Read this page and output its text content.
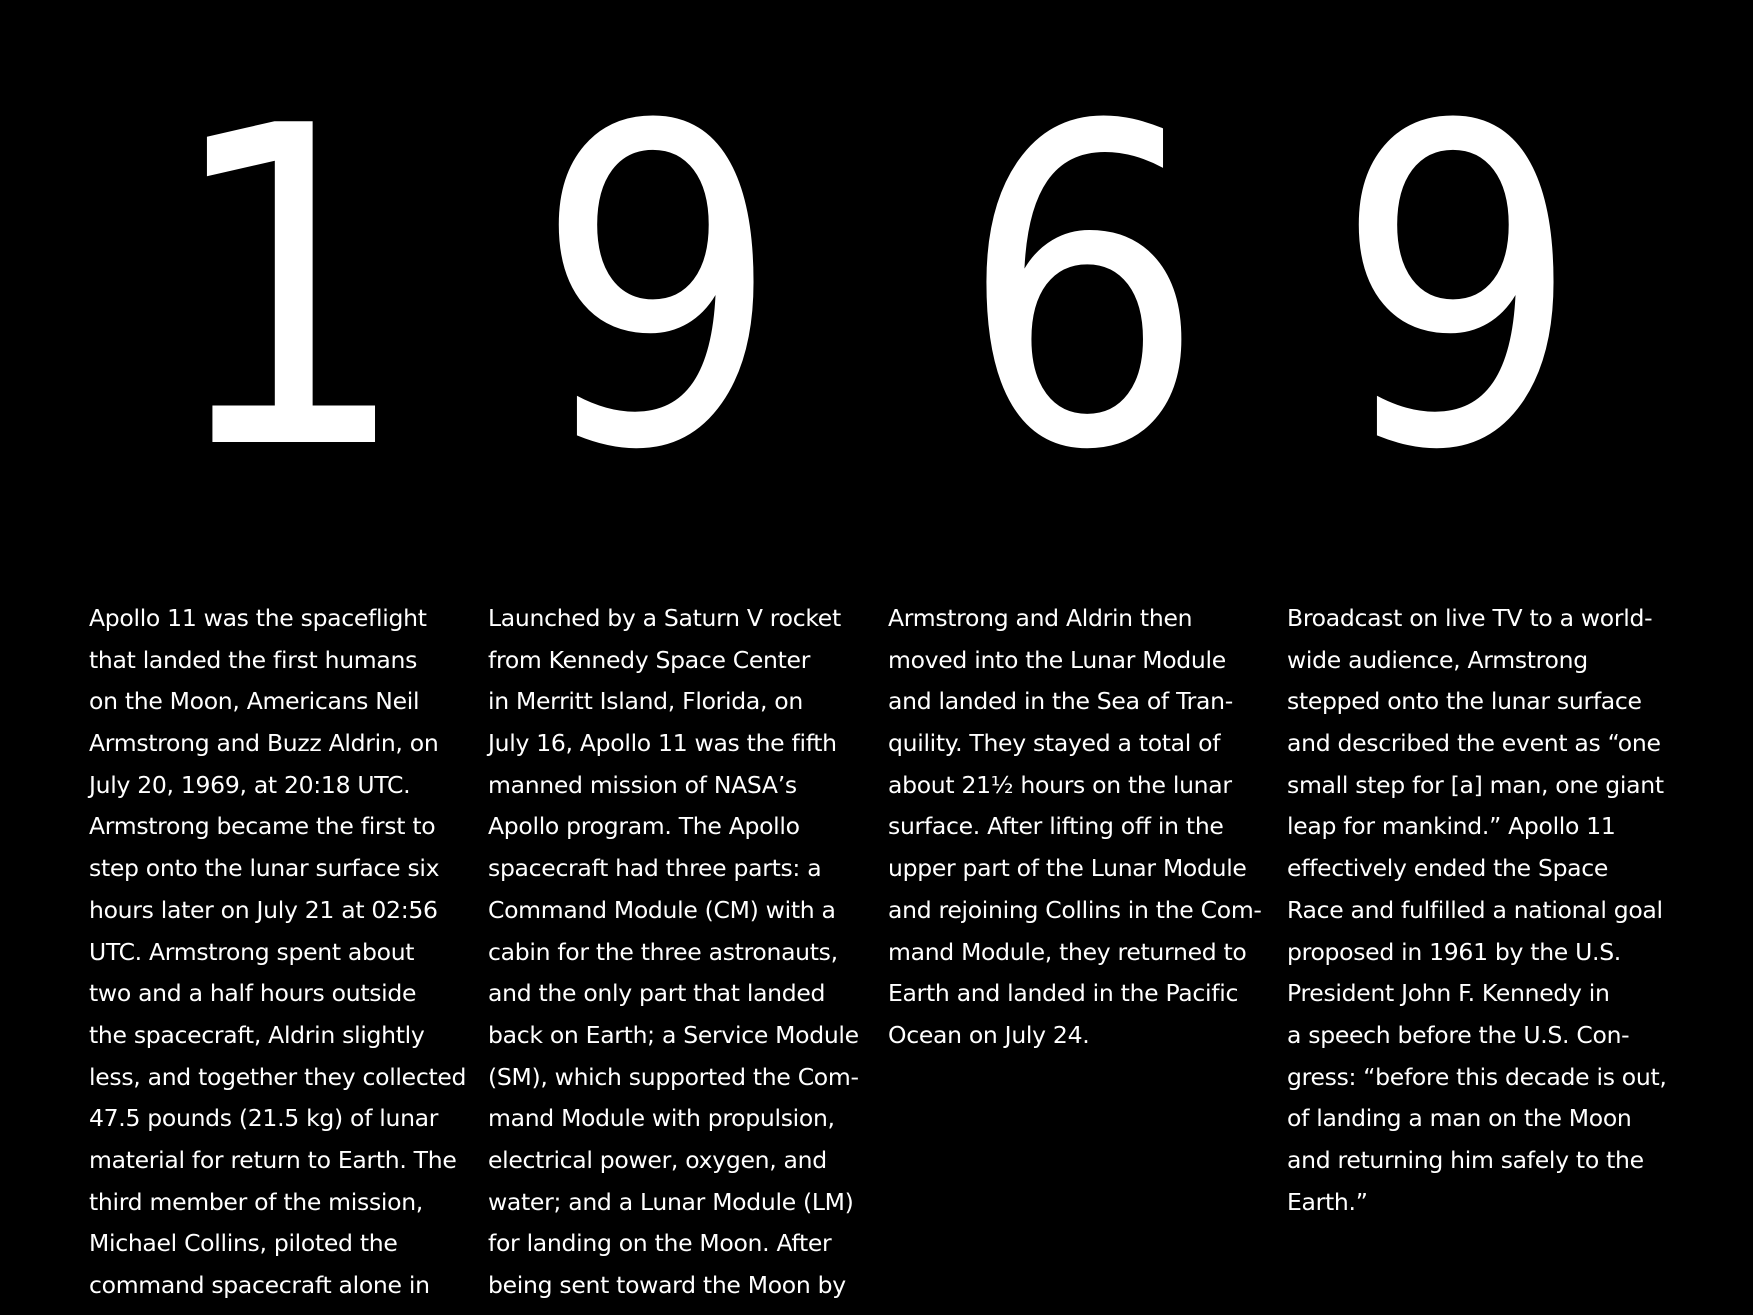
1 9 6 9
Apollo 11 was the spaceflight
that landed the first humans
on the Moon, Americans Neil
Armstrong and Buzz Aldrin, on
July 20, 1969, at 20:18 UTC.
Armstrong became the first to
step onto the lunar surface six
hours later on July 21 at 02:56
UTC. Armstrong spent about
two and a half hours outside
the spacecraft, Aldrin slightly
less, and together they collected
47.5 pounds (21.5 kg) of lunar
material for return to Earth. The
third member of the mission,
Michael Collins, piloted the
command spacecraft alone in
Launched by a Saturn V rocket
from Kennedy Space Center
in Merritt Island, Florida, on
July 16, Apollo 11 was the fifth
manned mission of NASA’s
Apollo program. The Apollo
spacecraft had three parts: a
Command Module (CM) with a
cabin for the three astronauts,
and the only part that landed
back on Earth; a Service Module
(SM), which supported the Com-
mand Module with propulsion,
electrical power, oxygen, and
water; and a Lunar Module (LM)
for landing on the Moon. After
being sent toward the Moon by
Armstrong and Aldrin then
moved into the Lunar Module
and landed in the Sea of Tran-
quility. They stayed a total of
about 21½ hours on the lunar
surface. After lifting off in the
upper part of the Lunar Module
and rejoining Collins in the Com-
mand Module, they returned to
Earth and landed in the Pacific
Ocean on July 24.
Broadcast on live TV to a world-
wide audience, Armstrong
stepped onto the lunar surface
and described the event as “one
small step for [a] man, one giant
leap for mankind.” Apollo 11
effectively ended the Space
Race and fulfilled a national goal
proposed in 1961 by the U.S.
President John F. Kennedy in
a speech before the U.S. Con-
gress: “before this decade is out,
of landing a man on the Moon
and returning him safely to the
Earth.”
